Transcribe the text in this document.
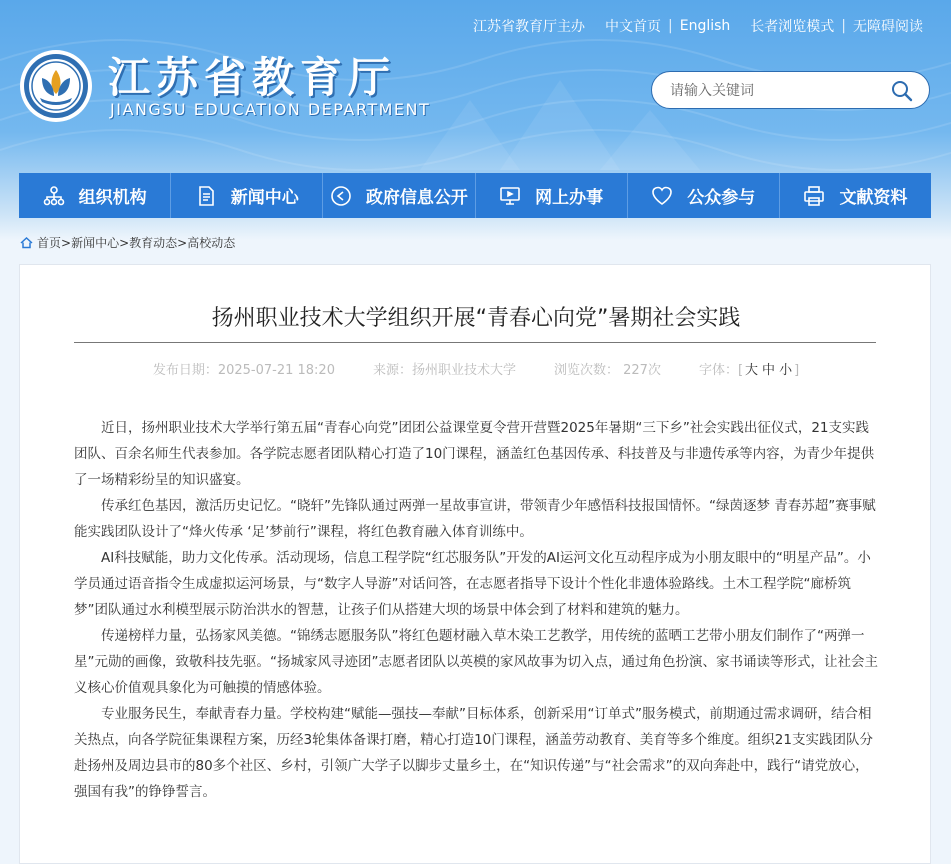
江苏省教育厅主办 中文首页 | English 长者浏览模式 | 无障碍阅读
江苏省教育厅
JIANGSU EDUCATION DEPARTMENT
请输入关键词
组织机构	新闻中心	政府信息公开	网上办事	公众参与	文献资料
首页> 新闻中心> 教育动态> 高校动态
扬州职业技术大学组织开展“青春心向党”暑期社会实践
发布日期：2025-07-21 18:20	来源：扬州职业技术大学	浏览次数： 227次	字体：[ 大 中 小 ]

近日，扬州职业技术大学举行第五届“青春心向党”团团公益课堂夏令营开营暨2025年暑期“三下乡”社会实践出征仪式，21支实践团队、百余名师生代表参加。各学院志愿者团队精心打造了10门课程，涵盖红色基因传承、科技普及与非遗传承等内容，为青少年提供了一场精彩纷呈的知识盛宴。

传承红色基因，激活历史记忆。“晓轩”先锋队通过两弹一星故事宣讲，带领青少年感悟科技报国情怀。“绿茵逐梦 青春苏超”赛事赋能实践团队设计了“烽火传承 ‘足’梦前行”课程，将红色教育融入体育训练中。

AI科技赋能，助力文化传承。活动现场，信息工程学院“红芯服务队”开发的AI运河文化互动程序成为小朋友眼中的“明星产品”。小学员通过语音指令生成虚拟运河场景，与“数字人导游”对话问答，在志愿者指导下设计个性化非遗体验路线。土木工程学院“廊桥筑梦”团队通过水利模型展示防治洪水的智慧，让孩子们从搭建大坝的场景中体会到了材料和建筑的魅力。

传递榜样力量，弘扬家风美德。“锦绣志愿服务队”将红色题材融入草木染工艺教学，用传统的蓝晒工艺带小朋友们制作了“两弹一星”元勋的画像，致敬科技先驱。“扬城家风寻迹团”志愿者团队以英模的家风故事为切入点，通过角色扮演、家书诵读等形式，让社会主义核心价值观具象化为可触摸的情感体验。

专业服务民生，奉献青春力量。学校构建“赋能—强技—奉献”目标体系，创新采用“订单式”服务模式，前期通过需求调研，结合相关热点，向各学院征集课程方案，历经3轮集体备课打磨，精心打造10门课程，涵盖劳动教育、美育等多个维度。组织21支实践团队分赴扬州及周边县市的80多个社区、乡村，引领广大学子以脚步丈量乡土，在“知识传递”与“社会需求”的双向奔赴中，践行“请党放心，强国有我”的铮铮誓言。
